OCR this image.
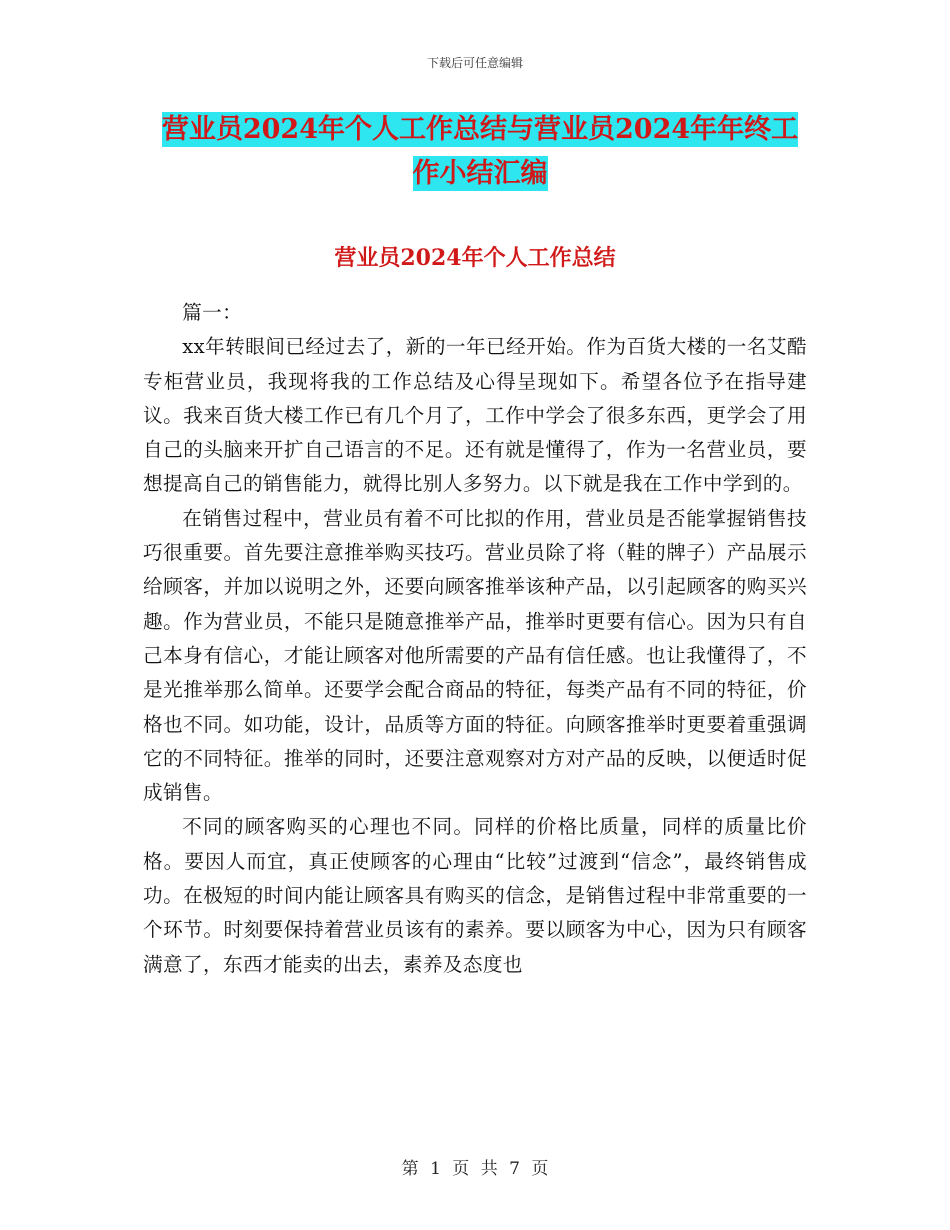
下载后可任意编辑
营业员2024年个人工作总结与营业员2024年年终工
作小结汇编
营业员2024年个人工作总结

篇一：

xx年转眼间已经过去了，新的一年已经开始。作为百货大楼的一名艾酷专柜营业员，我现将我的工作总结及心得呈现如下。希望各位予在指导建议。我来百货大楼工作已有几个月了，工作中学会了很多东西，更学会了用自己的头脑来开扩自己语言的不足。还有就是懂得了，作为一名营业员，要想提高自己的销售能力，就得比别人多努力。以下就是我在工作中学到的。

在销售过程中，营业员有着不可比拟的作用，营业员是否能掌握销售技巧很重要。首先要注意推举购买技巧。营业员除了将（鞋的牌子）产品展示给顾客，并加以说明之外，还要向顾客推举该种产品，以引起顾客的购买兴趣。作为营业员，不能只是随意推举产品，推举时更要有信心。因为只有自己本身有信心，才能让顾客对他所需要的产品有信任感。也让我懂得了，不是光推举那么简单。还要学会配合商品的特征，每类产品有不同的特征，价格也不同。如功能，设计，品质等方面的特征。向顾客推举时更要着重强调它的不同特征。推举的同时，还要注意观察对方对产品的反映，以便适时促成销售。

不同的顾客购买的心理也不同。同样的价格比质量，同样的质量比价格。要因人而宜，真正使顾客的心理由“比较”过渡到“信念”，最终销售成功。在极短的时间内能让顾客具有购买的信念，是销售过程中非常重要的一个环节。时刻要保持着营业员该有的素养。要以顾客为中心，因为只有顾客满意了，东西才能卖的出去，素养及态度也

第 1 页 共 7 页
